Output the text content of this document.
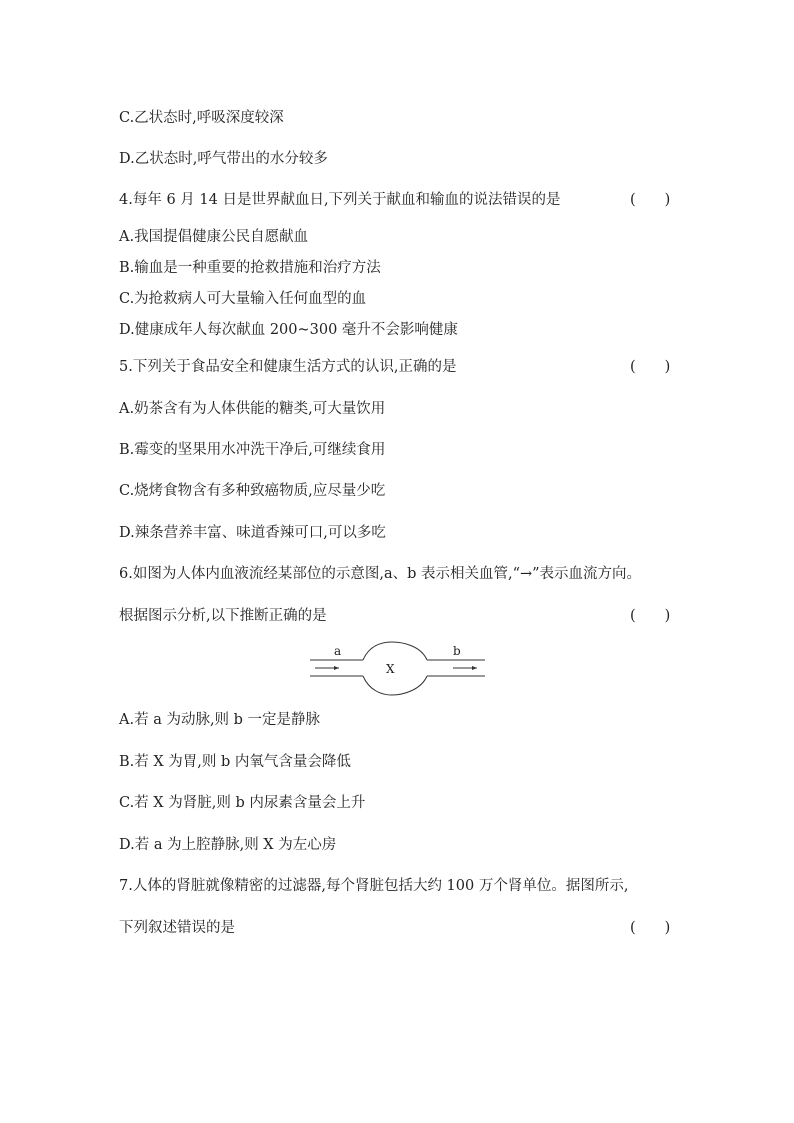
C.乙状态时,呼吸深度较深
D.乙状态时,呼气带出的水分较多
4.每年 6 月 14 日是世界献血日,下列关于献血和输血的说法错误的是	(　　)
A.我国提倡健康公民自愿献血
B.输血是一种重要的抢救措施和治疗方法
C.为抢救病人可大量输入任何血型的血
D.健康成年人每次献血 200~300 毫升不会影响健康
5.下列关于食品安全和健康生活方式的认识,正确的是	(　　)
A.奶茶含有为人体供能的糖类,可大量饮用
B.霉变的坚果用水冲洗干净后,可继续食用
C.烧烤食物含有多种致癌物质,应尽量少吃
D.辣条营养丰富、味道香辣可口,可以多吃
6.如图为人体内血液流经某部位的示意图,a、b 表示相关血管,“→”表示血流方向。
根据图示分析,以下推断正确的是	(　　)
a	b
X
A.若 a 为动脉,则 b 一定是静脉
B.若 X 为胃,则 b 内氧气含量会降低
C.若 X 为肾脏,则 b 内尿素含量会上升
D.若 a 为上腔静脉,则 X 为左心房
7.人体的肾脏就像精密的过滤器,每个肾脏包括大约 100 万个肾单位。据图所示,
下列叙述错误的是	(　　)
